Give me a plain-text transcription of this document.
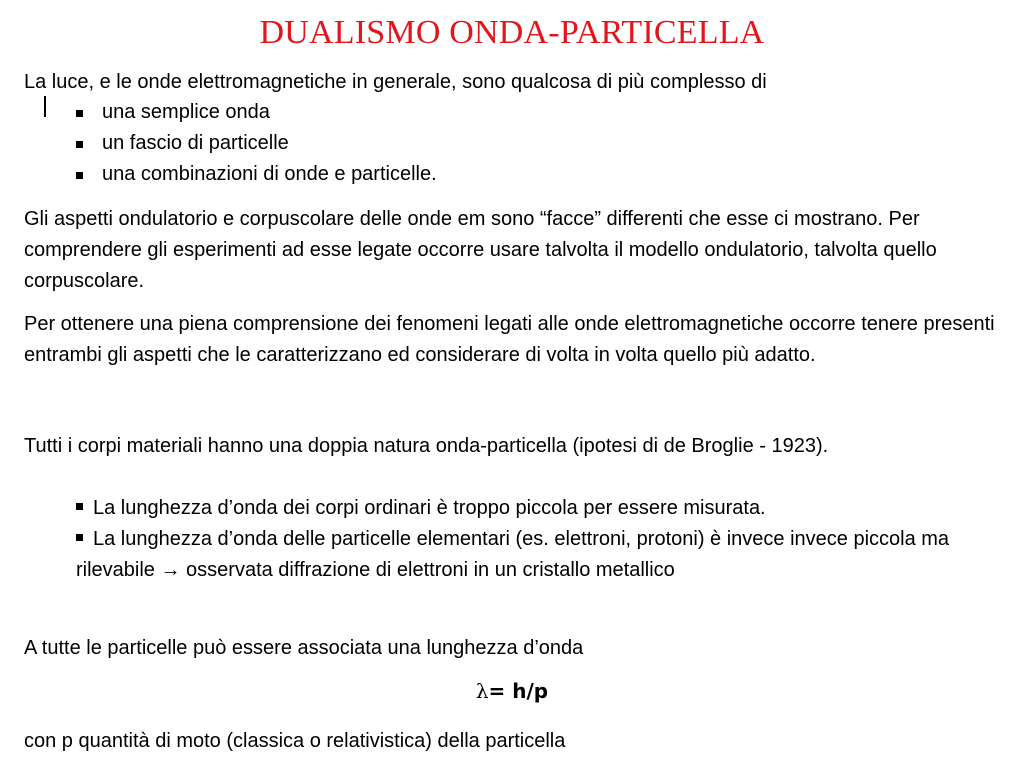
DUALISMO ONDA-PARTICELLA

La luce, e le onde elettromagnetiche in generale, sono qualcosa di più complesso di

una semplice onda
un fascio di particelle
una combinazioni di onde e particelle.

Gli aspetti ondulatorio e corpuscolare delle onde em sono “facce” differenti che esse ci mostrano. Per comprendere gli esperimenti ad esse legate occorre usare talvolta il modello ondulatorio, talvolta quello corpuscolare.

Per ottenere una piena comprensione dei fenomeni legati alle onde elettromagnetiche occorre tenere presenti entrambi gli aspetti che le caratterizzano ed considerare di volta in volta quello più adatto.

Tutti i corpi materiali hanno una doppia natura onda-particella (ipotesi di de Broglie - 1923).

La lunghezza d’onda dei corpi ordinari è troppo piccola per essere misurata.
La lunghezza d’onda delle particelle elementari (es. elettroni, protoni) è invece invece piccola ma rilevabile → osservata diffrazione di elettroni in un cristallo metallico

A tutte le particelle può essere associata una lunghezza d’onda

λ= h/p

con p quantità di moto (classica o relativistica) della particella
